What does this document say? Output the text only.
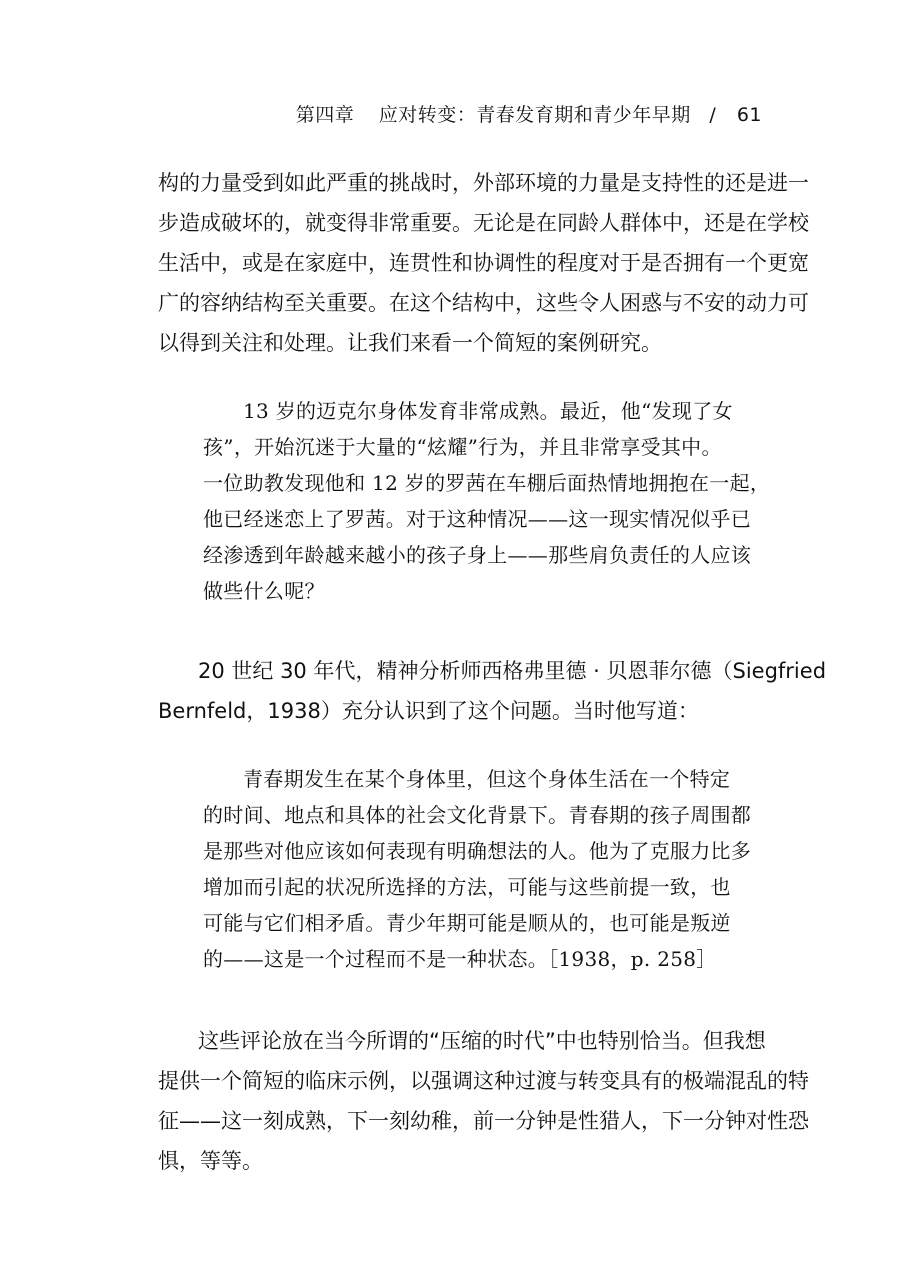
第四章 应对转变：青春发育期和青少年早期 / 61
构的力量受到如此严重的挑战时，外部环境的力量是支持性的还是进一
步造成破坏的，就变得非常重要。无论是在同龄人群体中，还是在学校
生活中，或是在家庭中，连贯性和协调性的程度对于是否拥有一个更宽
广的容纳结构至关重要。在这个结构中，这些令人困惑与不安的动力可
以得到关注和处理。让我们来看一个简短的案例研究。
13 岁的迈克尔身体发育非常成熟。最近，他“发现了女
孩”，开始沉迷于大量的“炫耀”行为，并且非常享受其中。
一位助教发现他和 12 岁的罗茜在车棚后面热情地拥抱在一起，
他已经迷恋上了罗茜。对于这种情况——这一现实情况似乎已
经渗透到年龄越来越小的孩子身上——那些肩负责任的人应该
做些什么呢？
20 世纪 30 年代，精神分析师西格弗里德 · 贝恩菲尔德（Siegfried
Bernfeld，1938）充分认识到了这个问题。当时他写道：
青春期发生在某个身体里，但这个身体生活在一个特定
的时间、地点和具体的社会文化背景下。青春期的孩子周围都
是那些对他应该如何表现有明确想法的人。他为了克服力比多
增加而引起的状况所选择的方法，可能与这些前提一致，也
可能与它们相矛盾。青少年期可能是顺从的，也可能是叛逆
的——这是一个过程而不是一种状态。［1938，p. 258］
这些评论放在当今所谓的“压缩的时代”中也特别恰当。但我想
提供一个简短的临床示例，以强调这种过渡与转变具有的极端混乱的特
征——这一刻成熟，下一刻幼稚，前一分钟是性猎人，下一分钟对性恐
惧，等等。
